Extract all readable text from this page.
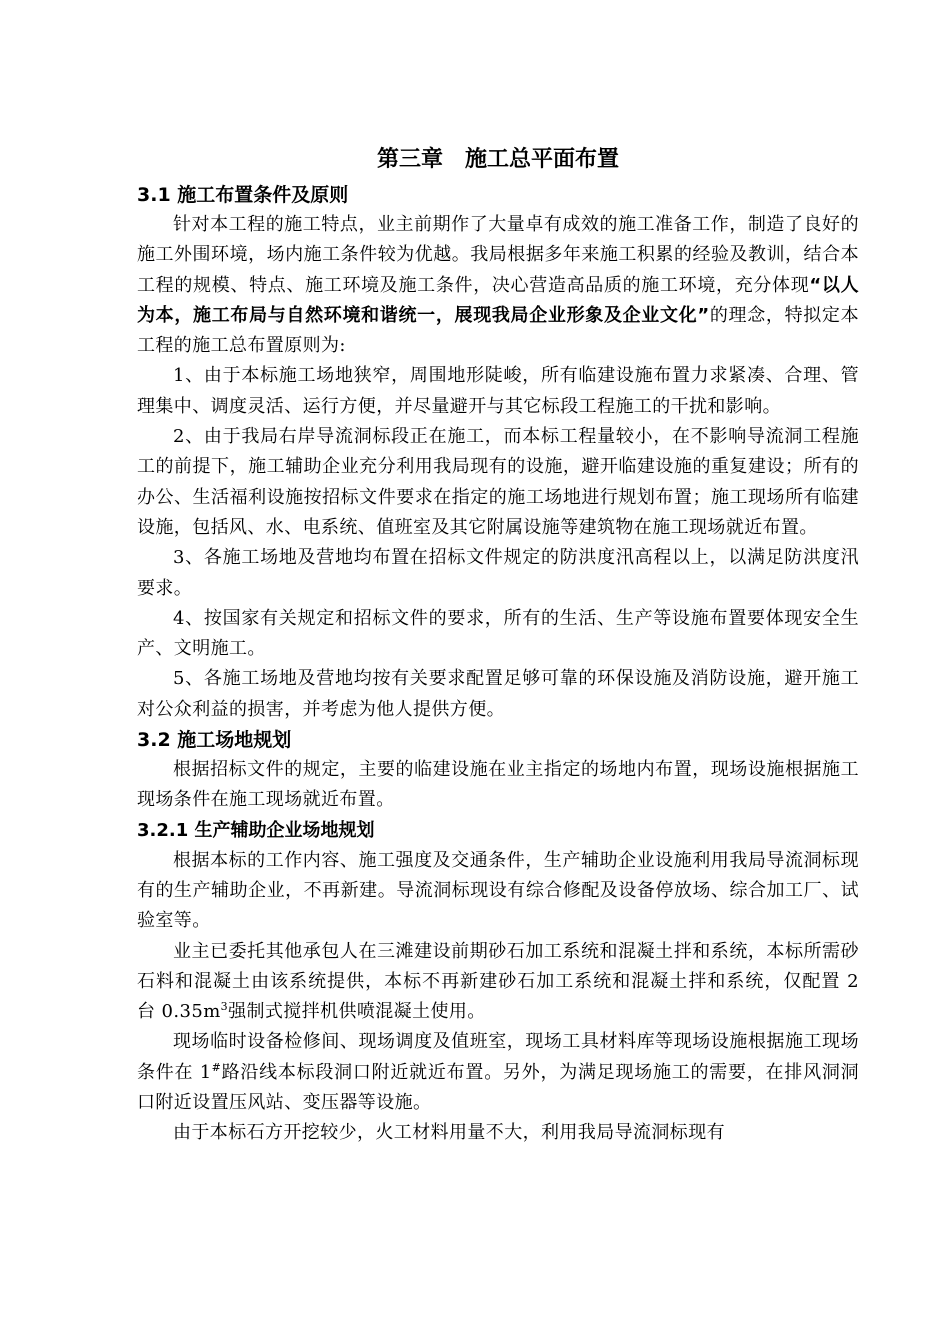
第三章　施工总平面布置
3.1 施工布置条件及原则

针对本工程的施工特点，业主前期作了大量卓有成效的施工准备工作，制造了良好的施工外围环境，场内施工条件较为优越。我局根据多年来施工积累的经验及教训，结合本工程的规模、特点、施工环境及施工条件，决心营造高品质的施工环境，充分体现“以人为本，施工布局与自然环境和谐统一，展现我局企业形象及企业文化”的理念，特拟定本工程的施工总布置原则为:

1、由于本标施工场地狭窄，周围地形陡峻，所有临建设施布置力求紧凑、合理、管理集中、调度灵活、运行方便，并尽量避开与其它标段工程施工的干扰和影响。

2、由于我局右岸导流洞标段正在施工，而本标工程量较小，在不影响导流洞工程施工的前提下，施工辅助企业充分利用我局现有的设施，避开临建设施的重复建设；所有的办公、生活福利设施按招标文件要求在指定的施工场地进行规划布置；施工现场所有临建设施，包括风、水、电系统、值班室及其它附属设施等建筑物在施工现场就近布置。

3、各施工场地及营地均布置在招标文件规定的防洪度汛高程以上，以满足防洪度汛要求。

4、按国家有关规定和招标文件的要求，所有的生活、生产等设施布置要体现安全生产、文明施工。

5、各施工场地及营地均按有关要求配置足够可靠的环保设施及消防设施，避开施工对公众利益的损害，并考虑为他人提供方便。

3.2 施工场地规划

根据招标文件的规定，主要的临建设施在业主指定的场地内布置，现场设施根据施工现场条件在施工现场就近布置。

3.2.1 生产辅助企业场地规划

根据本标的工作内容、施工强度及交通条件，生产辅助企业设施利用我局导流洞标现有的生产辅助企业，不再新建。导流洞标现设有综合修配及设备停放场、综合加工厂、试验室等。

业主已委托其他承包人在三滩建设前期砂石加工系统和混凝土拌和系统，本标所需砂石料和混凝土由该系统提供，本标不再新建砂石加工系统和混凝土拌和系统，仅配置 2 台 $0.35m^3$强制式搅拌机供喷混凝土使用。

现场临时设备检修间、现场调度及值班室，现场工具材料库等现场设施根据施工现场条件在 1#路沿线本标段洞口附近就近布置。另外，为满足现场施工的需要，在排风洞洞口附近设置压风站、变压器等设施。

由于本标石方开挖较少，火工材料用量不大，利用我局导流洞标现有
